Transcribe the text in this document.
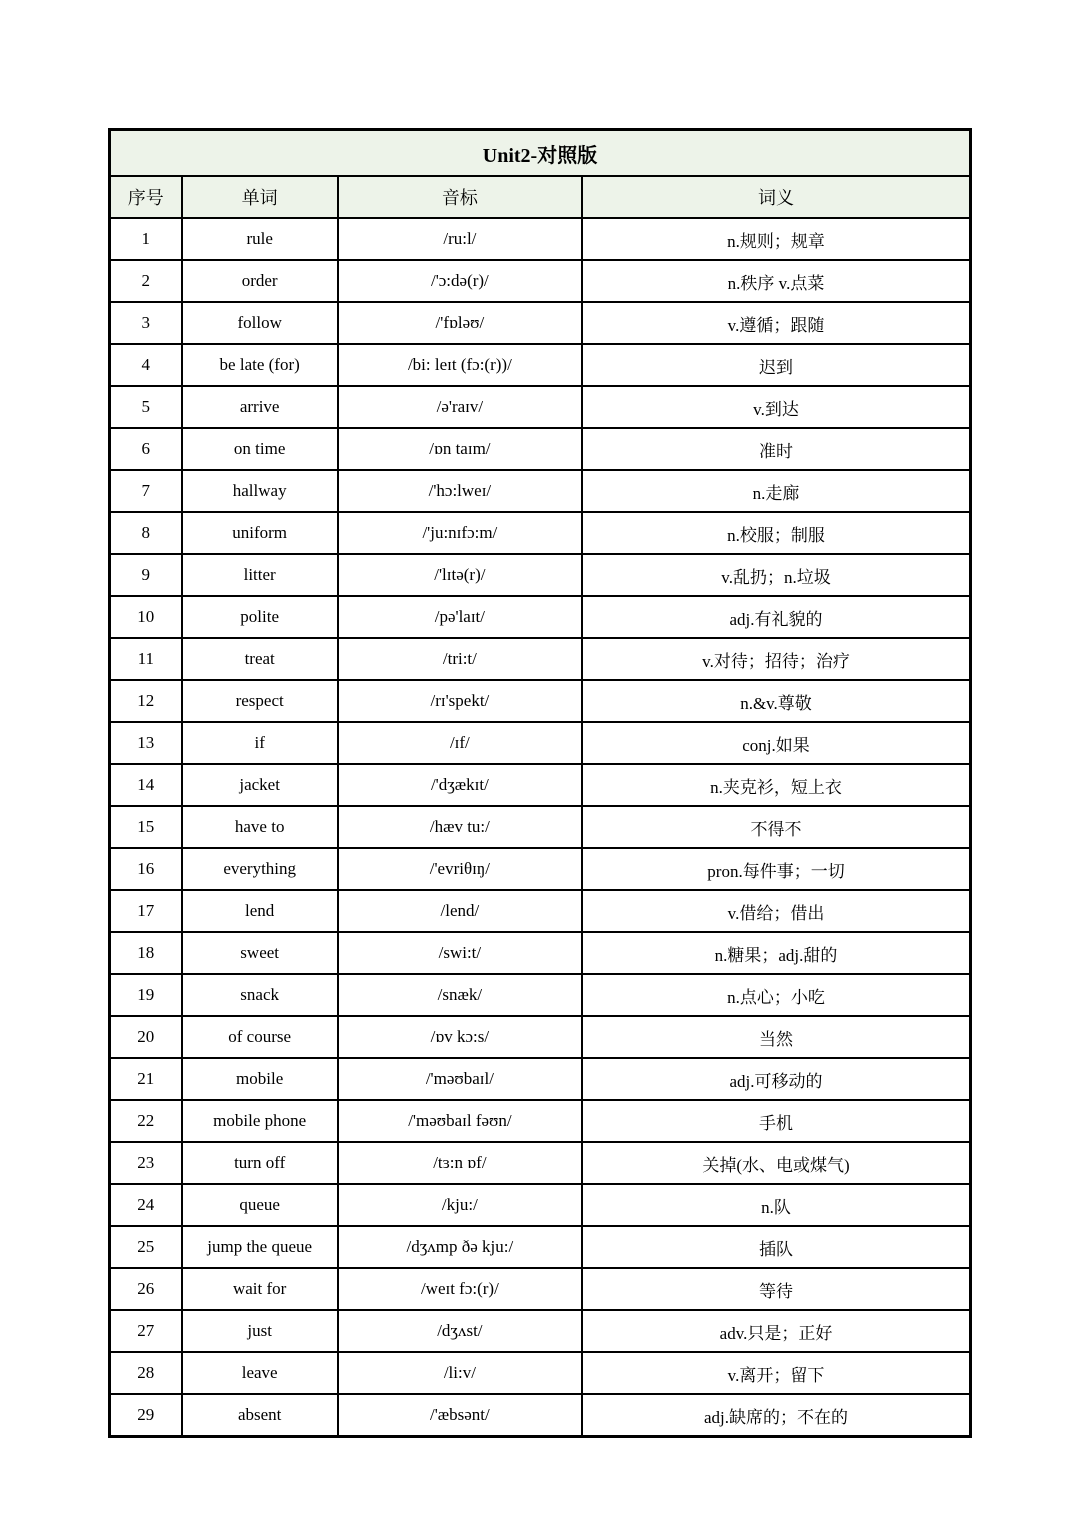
Unit2-对照版			
序号	单词	音标	词义
1	rule	/ru:l/	n.规则；规章
2	order	/'ɔ:də(r)/	n.秩序 v.点菜
3	follow	/'fɒləʊ/	v.遵循；跟随
4	be late (for)	/bi: leɪt (fɔ:(r))/	迟到
5	arrive	/ə'raɪv/	v.到达
6	on time	/ɒn taɪm/	准时
7	hallway	/'hɔ:lweɪ/	n.走廊
8	uniform	/'ju:nɪfɔ:m/	n.校服；制服
9	litter	/'lɪtə(r)/	v.乱扔；n.垃圾
10	polite	/pə'laɪt/	adj.有礼貌的
11	treat	/tri:t/	v.对待；招待；治疗
12	respect	/rɪ'spekt/	n.&v.尊敬
13	if	/ɪf/	conj.如果
14	jacket	/'dʒækɪt/	n.夹克衫，短上衣
15	have to	/hæv tu:/	不得不
16	everything	/'evriθɪŋ/	pron.每件事；一切
17	lend	/lend/	v.借给；借出
18	sweet	/swi:t/	n.糖果；adj.甜的
19	snack	/snæk/	n.点心；小吃
20	of course	/ɒv kɔ:s/	当然
21	mobile	/'məʊbaɪl/	adj.可移动的
22	mobile phone	/'məʊbaɪl fəʊn/	手机
23	turn off	/tɜ:n ɒf/	关掉(水、电或煤气)
24	queue	/kju:/	n.队
25	jump the queue	/dʒʌmp ðə kju:/	插队
26	wait for	/weɪt fɔ:(r)/	等待
27	just	/dʒʌst/	adv.只是；正好
28	leave	/li:v/	v.离开；留下
29	absent	/'æbsənt/	adj.缺席的；不在的
